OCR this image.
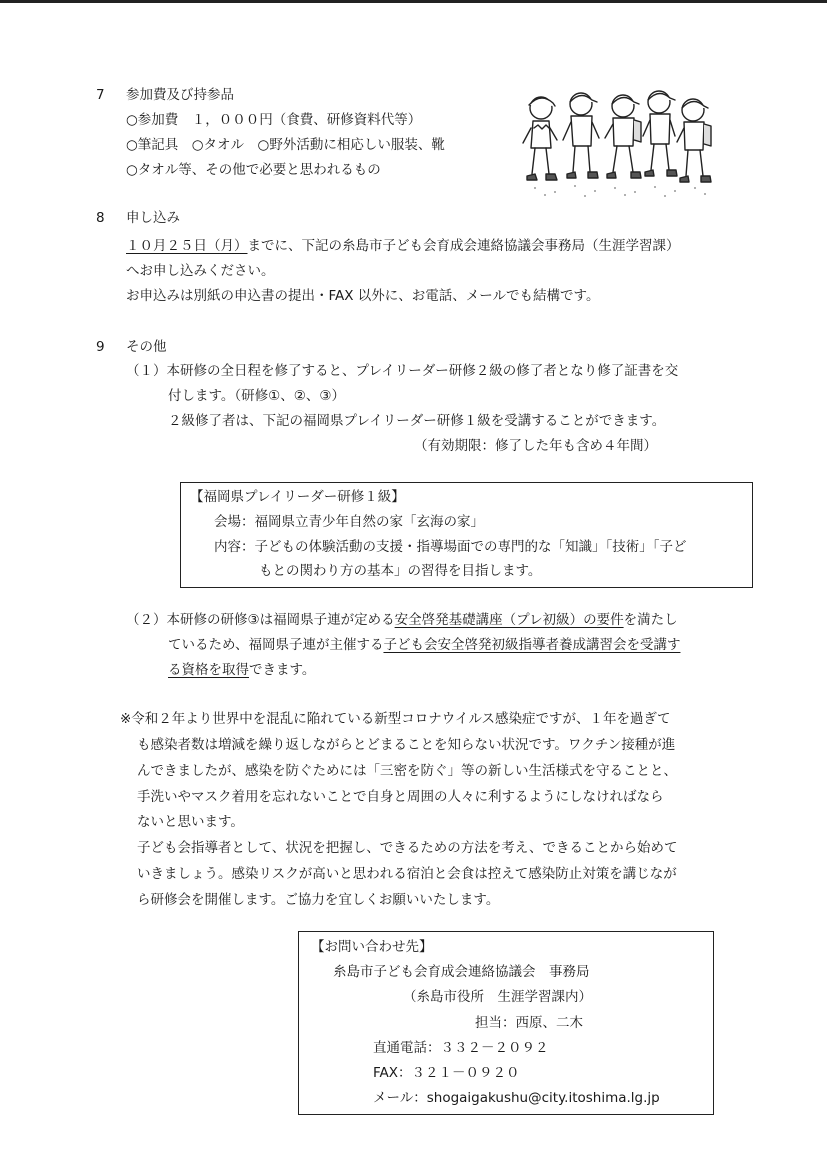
7 参加費及び持参品
○参加費　１，０００円（食費、研修資料代等）
○筆記具　○タオル　○野外活動に相応しい服装、靴
○タオル等、その他で必要と思われるもの
8 申し込み
１０月２５日（月）までに、下記の糸島市子ども会育成会連絡協議会事務局（生涯学習課）
へお申し込みください。
お申込みは別紙の申込書の提出・FAX 以外に、お電話、メールでも結構です。
9 その他
（１）本研修の全日程を修了すると、プレイリーダー研修２級の修了者となり修了証書を交
付します。（研修①、②、③）
２級修了者は、下記の福岡県プレイリーダー研修１級を受講することができます。
（有効期限：修了した年も含め４年間）
【福岡県プレイリーダー研修１級】
会場：福岡県立青少年自然の家「玄海の家」
内容：子どもの体験活動の支援・指導場面での専門的な「知識」「技術」「子ど
もとの関わり方の基本」の習得を目指します。
（２）本研修の研修③は福岡県子連が定める安全啓発基礎講座（プレ初級）の要件を満たし
ているため、福岡県子連が主催する子ども会安全啓発初級指導者養成講習会を受講す
る資格を取得できます。
※令和２年より世界中を混乱に陥れている新型コロナウイルス感染症ですが、１年を過ぎて
も感染者数は増減を繰り返しながらとどまることを知らない状況です。ワクチン接種が進
んできましたが、感染を防ぐためには「三密を防ぐ」等の新しい生活様式を守ることと、
手洗いやマスク着用を忘れないことで自身と周囲の人々に利するようにしなければなら
ないと思います。
子ども会指導者として、状況を把握し、できるための方法を考え、できることから始めて
いきましょう。感染リスクが高いと思われる宿泊と会食は控えて感染防止対策を講じなが
ら研修会を開催します。ご協力を宜しくお願いいたします。
【お問い合わせ先】
糸島市子ども会育成会連絡協議会　事務局
（糸島市役所　生涯学習課内）
担当：西原、二木
直通電話：３３２－２０９２
FAX：３２１－０９２０
メール：shogaigakushu@city.itoshima.lg.jp
